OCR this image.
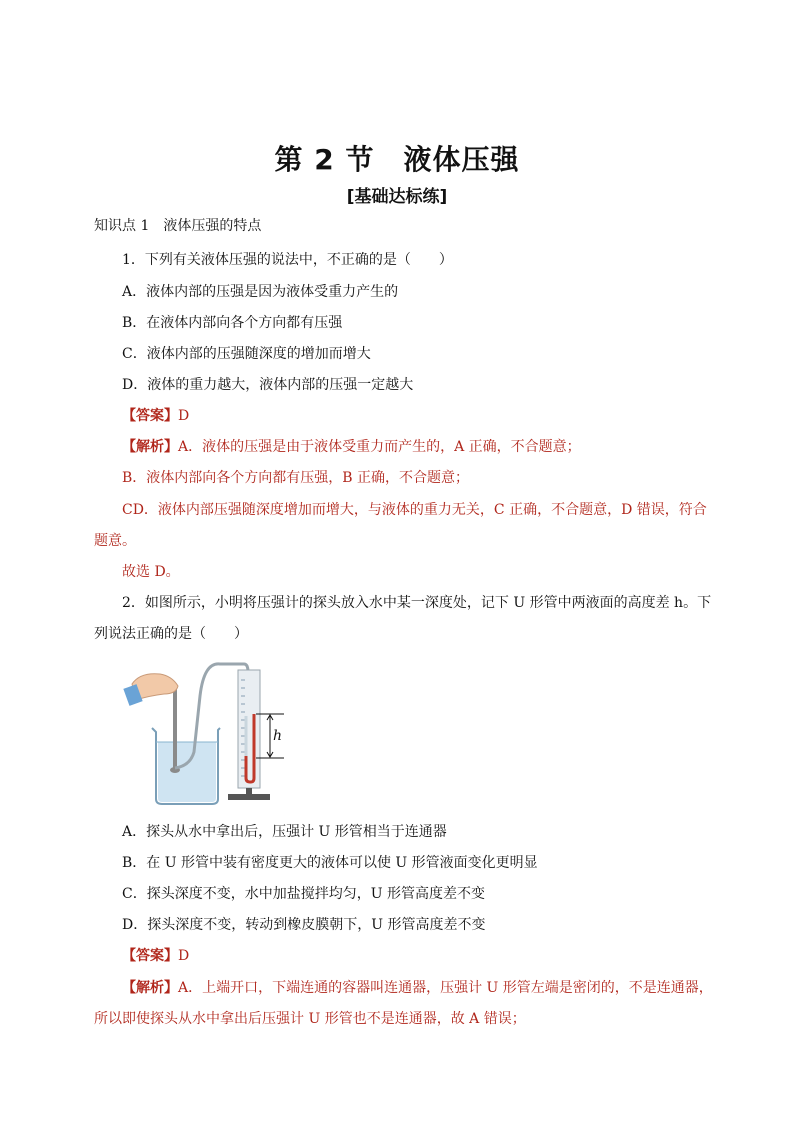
第 2 节　液体压强
[基础达标练]
知识点 1　液体压强的特点
1．下列有关液体压强的说法中，不正确的是（　　）
A．液体内部的压强是因为液体受重力产生的
B．在液体内部向各个方向都有压强
C．液体内部的压强随深度的增加而增大
D．液体的重力越大，液体内部的压强一定越大
【答案】D
【解析】A．液体的压强是由于液体受重力而产生的，A 正确，不合题意；
B．液体内部向各个方向都有压强，B 正确，不合题意；
CD．液体内部压强随深度增加而增大，与液体的重力无关，C 正确，不合题意，D 错误，符合
题意。
故选 D。
2．如图所示，小明将压强计的探头放入水中某一深度处，记下 U 形管中两液面的高度差 h。下
列说法正确的是（　　）
h
A．探头从水中拿出后，压强计 U 形管相当于连通器
B．在 U 形管中装有密度更大的液体可以使 U 形管液面变化更明显
C．探头深度不变，水中加盐搅拌均匀，U 形管高度差不变
D．探头深度不变，转动到橡皮膜朝下，U 形管高度差不变
【答案】D
【解析】A．上端开口，下端连通的容器叫连通器，压强计 U 形管左端是密闭的，不是连通器，
所以即使探头从水中拿出后压强计 U 形管也不是连通器，故 A 错误；
